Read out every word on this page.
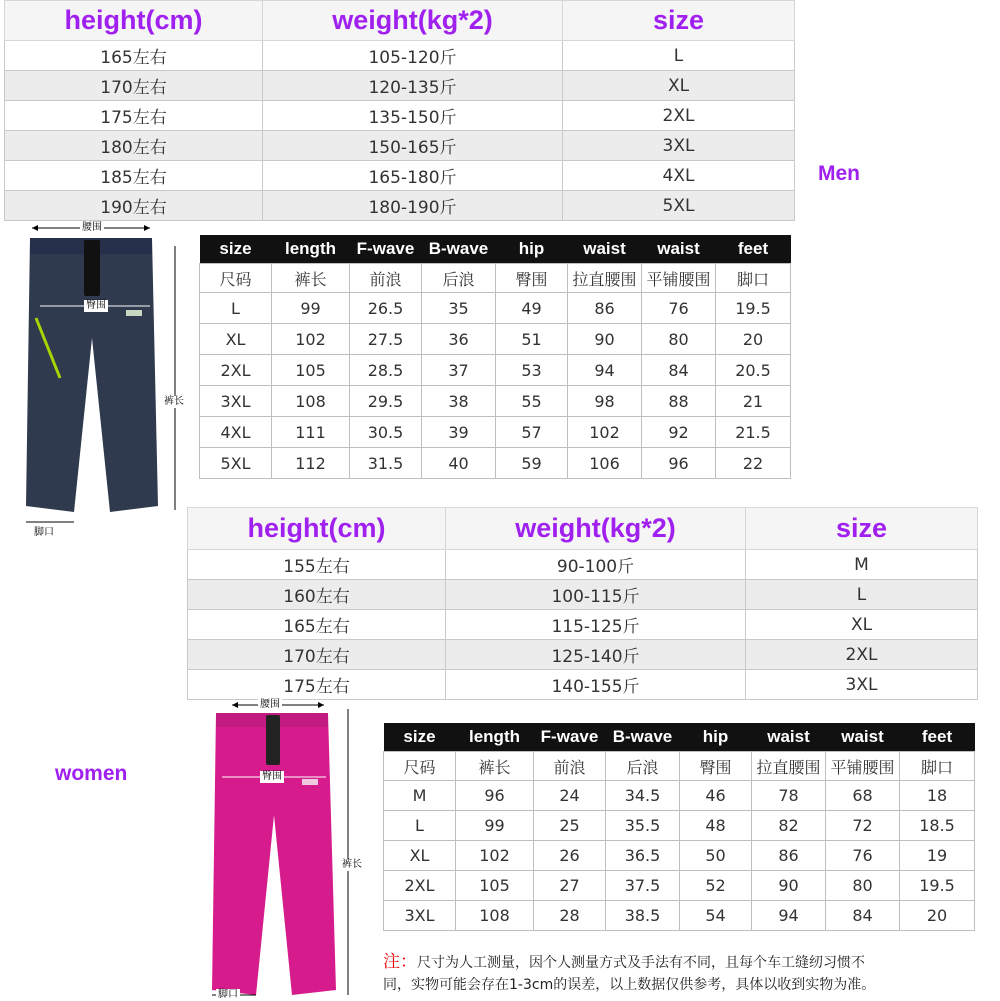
height(cm)	weight(kg*2)	size
165左右	105-120斤	L
170左右	120-135斤	XL
175左右	135-150斤	2XL
180左右	150-165斤	3XL
185左右	165-180斤	4XL
190左右	180-190斤	5XL
Men
腰围
臀围
裤长
脚口
size	length	F-wave	B-wave	hip	waist	waist	feet
尺码	裤长	前浪	后浪	臀围	拉直腰围	平铺腰围	脚口
L	99	26.5	35	49	86	76	19.5
XL	102	27.5	36	51	90	80	20
2XL	105	28.5	37	53	94	84	20.5
3XL	108	29.5	38	55	98	88	21
4XL	111	30.5	39	57	102	92	21.5
5XL	112	31.5	40	59	106	96	22
height(cm)	weight(kg*2)	size
155左右	90-100斤	M
160左右	100-115斤	L
165左右	115-125斤	XL
170左右	125-140斤	2XL
175左右	140-155斤	3XL
women
腰围
臀围
裤长
脚口
size	length	F-wave	B-wave	hip	waist	waist	feet
尺码	裤长	前浪	后浪	臀围	拉直腰围	平铺腰围	脚口
M	96	24	34.5	46	78	68	18
L	99	25	35.5	48	82	72	18.5
XL	102	26	36.5	50	86	76	19
2XL	105	27	37.5	52	90	80	19.5
3XL	108	28	38.5	54	94	84	20
注：尺寸为人工测量，因个人测量方式及手法有不同，且每个车工缝纫习惯不
同，实物可能会存在1-3cm的误差，以上数据仅供参考，具体以收到实物为准。
